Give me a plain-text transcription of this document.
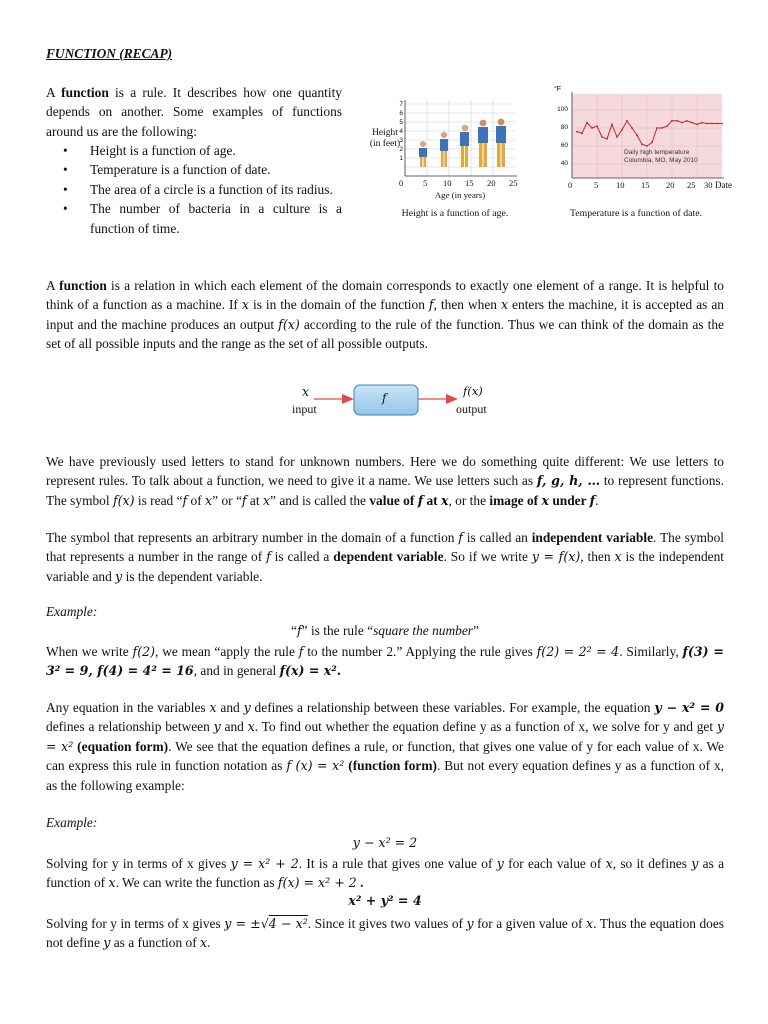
FUNCTION (RECAP)
A function is a rule. It describes how one quantity depends on another. Some examples of functions around us are the following:
• Height is a function of age.
• Temperature is a function of date.
• The area of a circle is a function of its radius.
• The number of bacteria in a culture is a function of time.
Height
(in feet)
7
6
5
4
3
2
1
0 5 10 15 20 25
Age (in years)
Height is a function of age.
°F
100
80
60
40
Daily high temperature
Columbia, MO, May 2010
0	5 10 15 20 25 30 Date
Temperature is a function of date.

A function is a relation in which each element of the domain corresponds to exactly one element of a range. It is helpful to think of a function as a machine. If x is in the domain of the function f, then when x enters the machine, it is accepted as an input and the machine produces an output f(x) according to the rule of the function. Thus we can think of the domain as the set of all possible inputs and the range as the set of all possible outputs.

x
input
f	f(x)
output

We have previously used letters to stand for unknown numbers. Here we do something quite different: We use letters to represent rules. To talk about a function, we need to give it a name. We use letters such as f, g, h, … to represent functions. The symbol f(x) is read “f of x” or “f at x” and is called the value of f at x, or the image of x under f.

The symbol that represents an arbitrary number in the domain of a function f is called an independent variable. The symbol that represents a number in the range of f is called a dependent variable. So if we write y = f(x), then x is the independent variable and y is the dependent variable.

Example:
“f” is the rule “square the number”

When we write f(2), we mean “apply the rule f to the number 2.” Applying the rule gives f(2) = 2² = 4. Similarly, f(3) = 3² = 9, f(4) = 4² = 16, and in general f(x) = x².

Any equation in the variables x and y defines a relationship between these variables. For example, the equation y − x² = 0 defines a relationship between y and x. To find out whether the equation define y as a function of x, we solve for y and get y = x² (equation form). We see that the equation defines a rule, or function, that gives one value of y for each value of x. We can express this rule in function notation as f (x) = x² (function form). But not every equation defines y as a function of x, as the following example:

Example:
y − x² = 2

Solving for y in terms of x gives y = x² + 2. It is a rule that gives one value of y for each value of x, so it defines y as a function of x. We can write the function as f(x) = x² + 2 .

x² + y² = 4

Solving for y in terms of x gives y = ±√4 − x². Since it gives two values of y for a given value of x. Thus the equation does not define y as a function of x.
